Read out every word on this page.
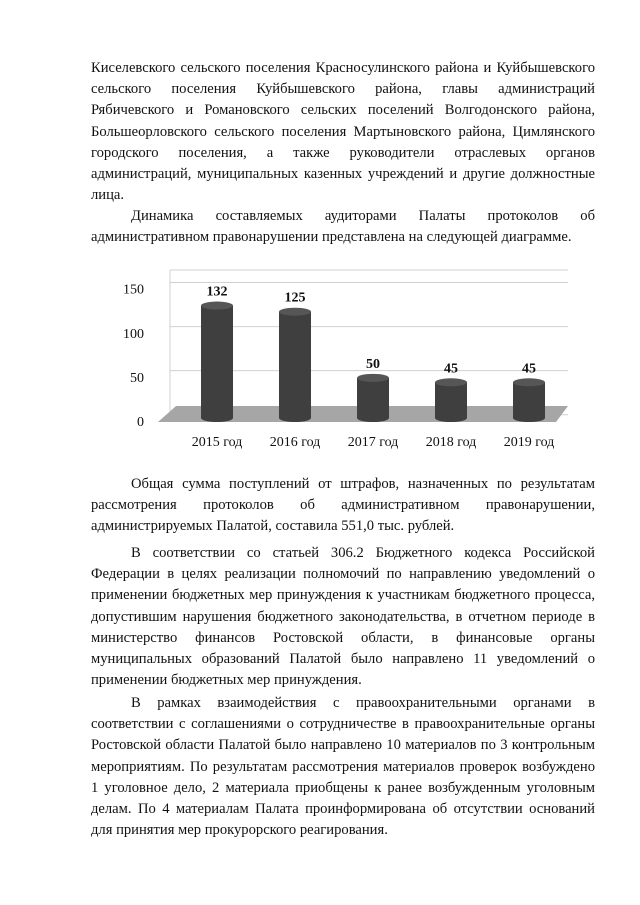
Киселевского сельского поселения Красносулинского района и Куйбышевского сельского поселения Куйбышевского района, главы администраций Рябичевского и Романовского сельских поселений Волгодонского района, Большеорловского сельского поселения Мартыновского района, Цимлянского городского поселения, а также руководители отраслевых органов администраций, муниципальных казенных учреждений и другие должностные лица.

Динамика составляемых аудиторами Палаты протоколов об административном правонарушении представлена на следующей диаграмме.

0
50
100
150	132	125
50	45	45
2015 год 2016 год 2017 год 2018 год 2019 год

Общая сумма поступлений от штрафов, назначенных по результатам рассмотрения протоколов об административном правонарушении, администрируемых Палатой, составила 551,0 тыс. рублей.

В соответствии со статьей 306.2 Бюджетного кодекса Российской Федерации в целях реализации полномочий по направлению уведомлений о применении бюджетных мер принуждения к участникам бюджетного процесса, допустившим нарушения бюджетного законодательства, в отчетном периоде в министерство финансов Ростовской области, в финансовые органы муниципальных образований Палатой было направлено 11 уведомлений о применении бюджетных мер принуждения.

В рамках взаимодействия с правоохранительными органами в соответствии с соглашениями о сотрудничестве в правоохранительные органы Ростовской области Палатой было направлено 10 материалов по 3 контрольным мероприятиям. По результатам рассмотрения материалов проверок возбуждено 1 уголовное дело, 2 материала приобщены к ранее возбужденным уголовным делам. По 4 материалам Палата проинформирована об отсутствии оснований для принятия мер прокурорского реагирования.
